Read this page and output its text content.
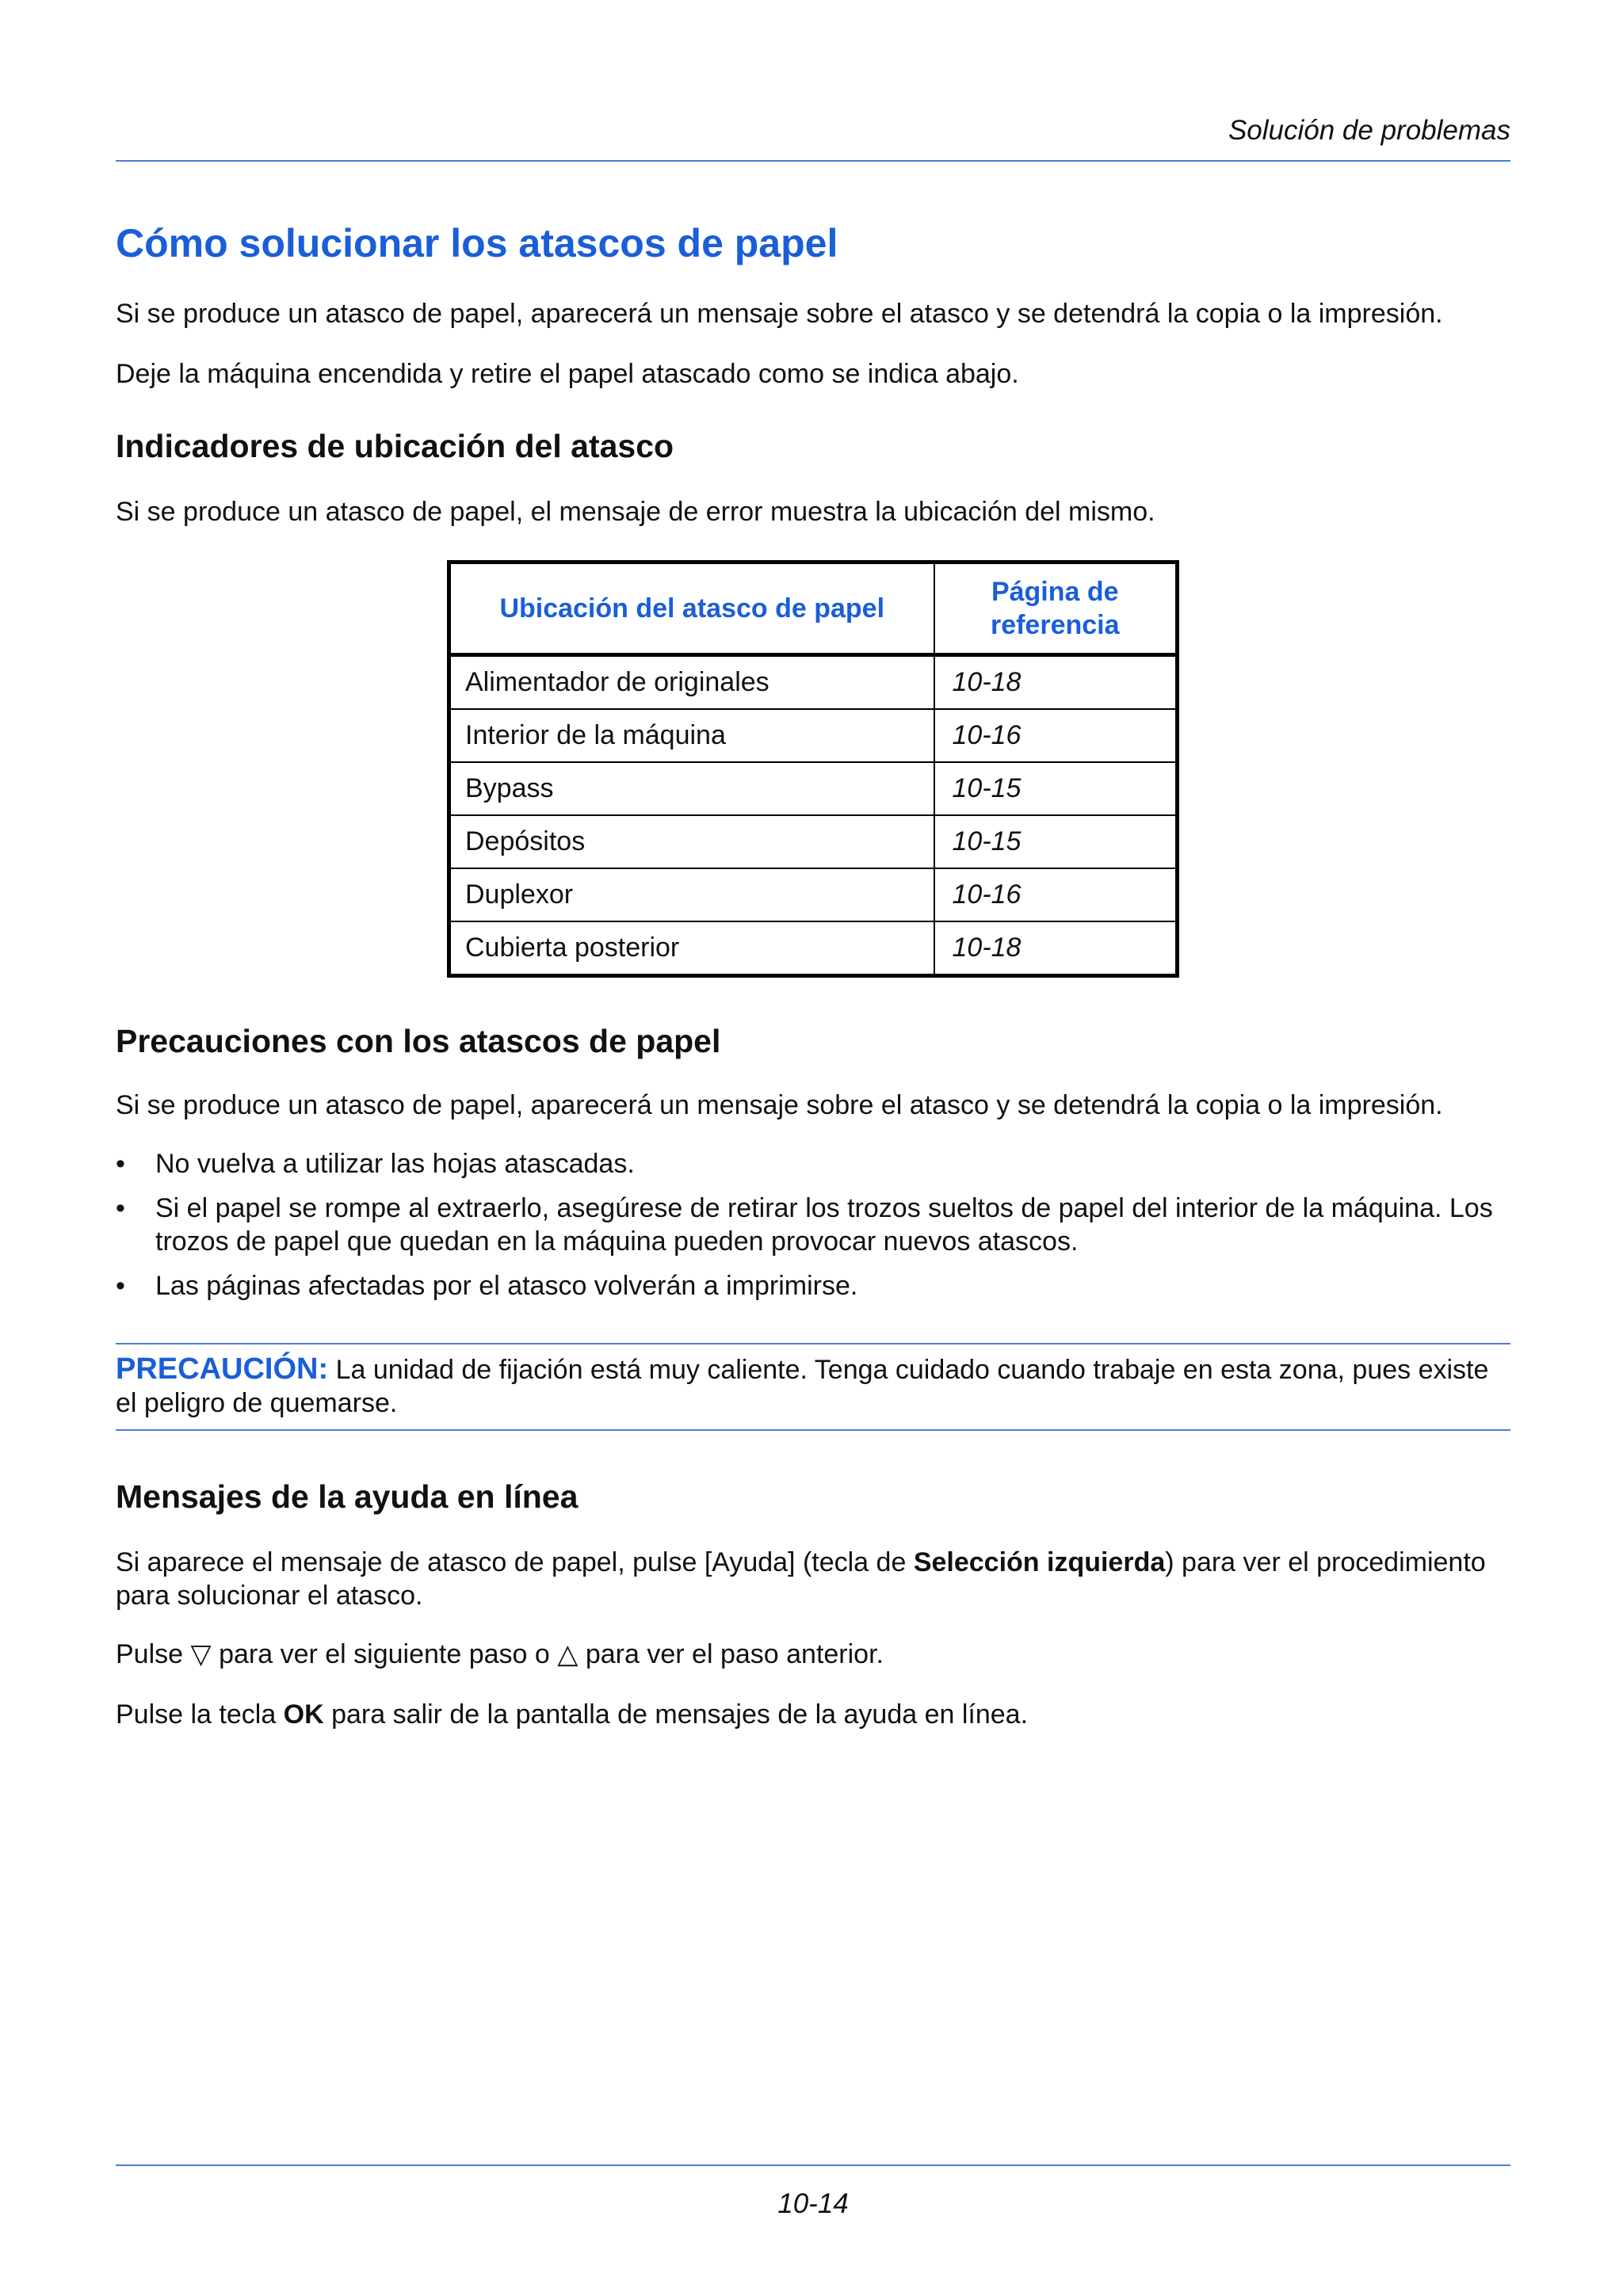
Solución de problemas
Cómo solucionar los atascos de papel

Si se produce un atasco de papel, aparecerá un mensaje sobre el atasco y se detendrá la copia o la impresión.

Deje la máquina encendida y retire el papel atascado como se indica abajo.

Indicadores de ubicación del atasco

Si se produce un atasco de papel, el mensaje de error muestra la ubicación del mismo.

Ubicación del atasco de papel	Página de referencia
Alimentador de originales	10-18
Interior de la máquina	10-16
Bypass	10-15
Depósitos	10-15
Duplexor	10-16
Cubierta posterior	10-18
Precauciones con los atascos de papel

Si se produce un atasco de papel, aparecerá un mensaje sobre el atasco y se detendrá la copia o la impresión.

• No vuelva a utilizar las hojas atascadas.
• Si el papel se rompe al extraerlo, asegúrese de retirar los trozos sueltos de papel del interior de la máquina. Los trozos de papel que quedan en la máquina pueden provocar nuevos atascos.
• Las páginas afectadas por el atasco volverán a imprimirse.
PRECAUCIÓN: La unidad de fijación está muy caliente. Tenga cuidado cuando trabaje en esta zona, pues existe el peligro de quemarse.
Mensajes de la ayuda en línea

Si aparece el mensaje de atasco de papel, pulse [Ayuda] (tecla de Selección izquierda) para ver el procedimiento para solucionar el atasco.

Pulse ▽ para ver el siguiente paso o △ para ver el paso anterior.

Pulse la tecla OK para salir de la pantalla de mensajes de la ayuda en línea.

10-14
